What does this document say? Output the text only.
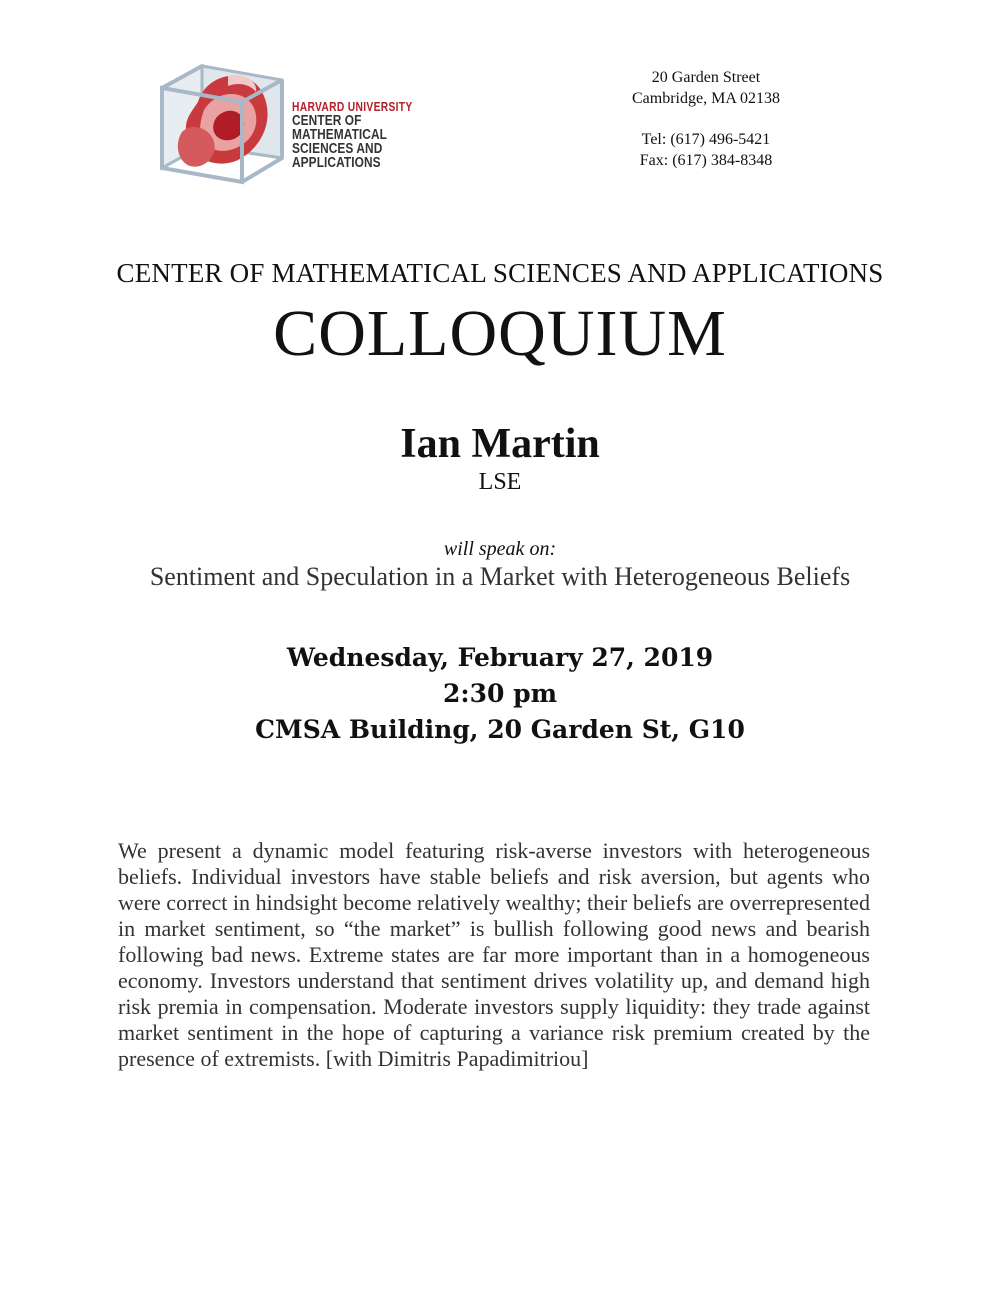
HARVARD UNIVERSITY
CENTER OF MATHEMATICAL
SCIENCES AND APPLICATIONS
20 Garden Street
Cambridge, MA 02138
Tel: (617) 496-5421
Fax: (617) 384-8348
CENTER OF MATHEMATICAL SCIENCES AND APPLICATIONS
COLLOQUIUM
Ian Martin
LSE
will speak on:
Sentiment and Speculation in a Market with Heterogeneous Beliefs
Wednesday, February 27, 2019
2:30 pm
CMSA Building, 20 Garden St, G10
We present a dynamic model featuring risk-averse investors with heterogeneous beliefs. Individual investors have stable beliefs and risk aversion, but agents who were correct in hindsight become relatively wealthy; their beliefs are overrepresented in market sentiment, so “the market” is bullish following good news and bearish following bad news. Extreme states are far more important than in a homogeneous economy. Investors understand that sentiment drives volatility up, and demand high risk premia in compensation. Moderate investors supply liquidity: they trade against market sentiment in the hope of capturing a variance risk premium created by the presence of extremists. [with Dimitris Papadimitriou]
